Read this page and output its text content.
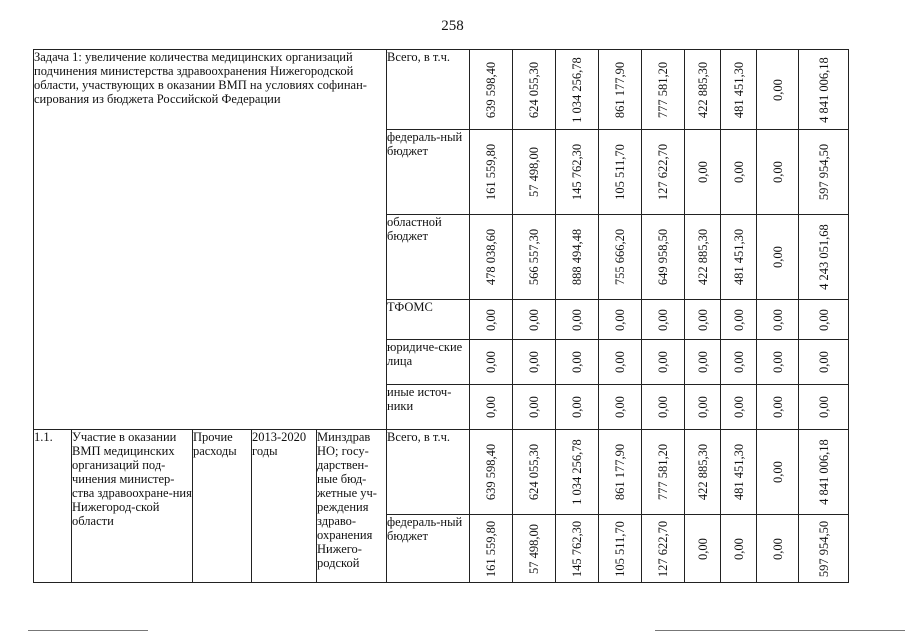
258
Задача 1: увеличение количества медицинских организаций подчинения министерства здравоохранения Нижегородской области, участвующих в оказании ВМП на условиях софинан-сирования из бюджета Российской Федерации					Всего, в т.ч.	639 598,40	624 055,30	1 034 256,78	861 177,90	777 581,20	422 885,30	481 451,30	0,00	4 841 006,18

					федераль-ный бюджет	161 559,80	57 498,00	145 762,30	105 511,70	127 622,70	0,00	0,00	0,00	597 954,50

					областной бюджет	478 038,60	566 557,30	888 494,48	755 666,20	649 958,50	422 885,30	481 451,30	0,00	4 243 051,68

					ТФОМС	0,00	0,00	0,00	0,00	0,00	0,00	0,00	0,00	0,00

					юридиче-ские лица	0,00	0,00	0,00	0,00	0,00	0,00	0,00	0,00	0,00

					иные источ-ники	0,00	0,00	0,00	0,00	0,00	0,00	0,00	0,00	0,00

1.1.	Участие в оказании ВМП медицинских организаций под-чинения министер-ства здравоохране-ния Нижегород-ской области	Прочие расходы	2013-2020 годы	Минздрав НО; госу-дарствен-ные бюд-жетные уч-реждения здраво-охранения Нижего-родской	Всего, в т.ч.	639 598,40	624 055,30	1 034 256,78	861 177,90	777 581,20	422 885,30	481 451,30	0,00	4 841 006,18

					федераль-ный бюджет	161 559,80	57 498,00	145 762,30	105 511,70	127 622,70	0,00	0,00	0,00	597 954,50
